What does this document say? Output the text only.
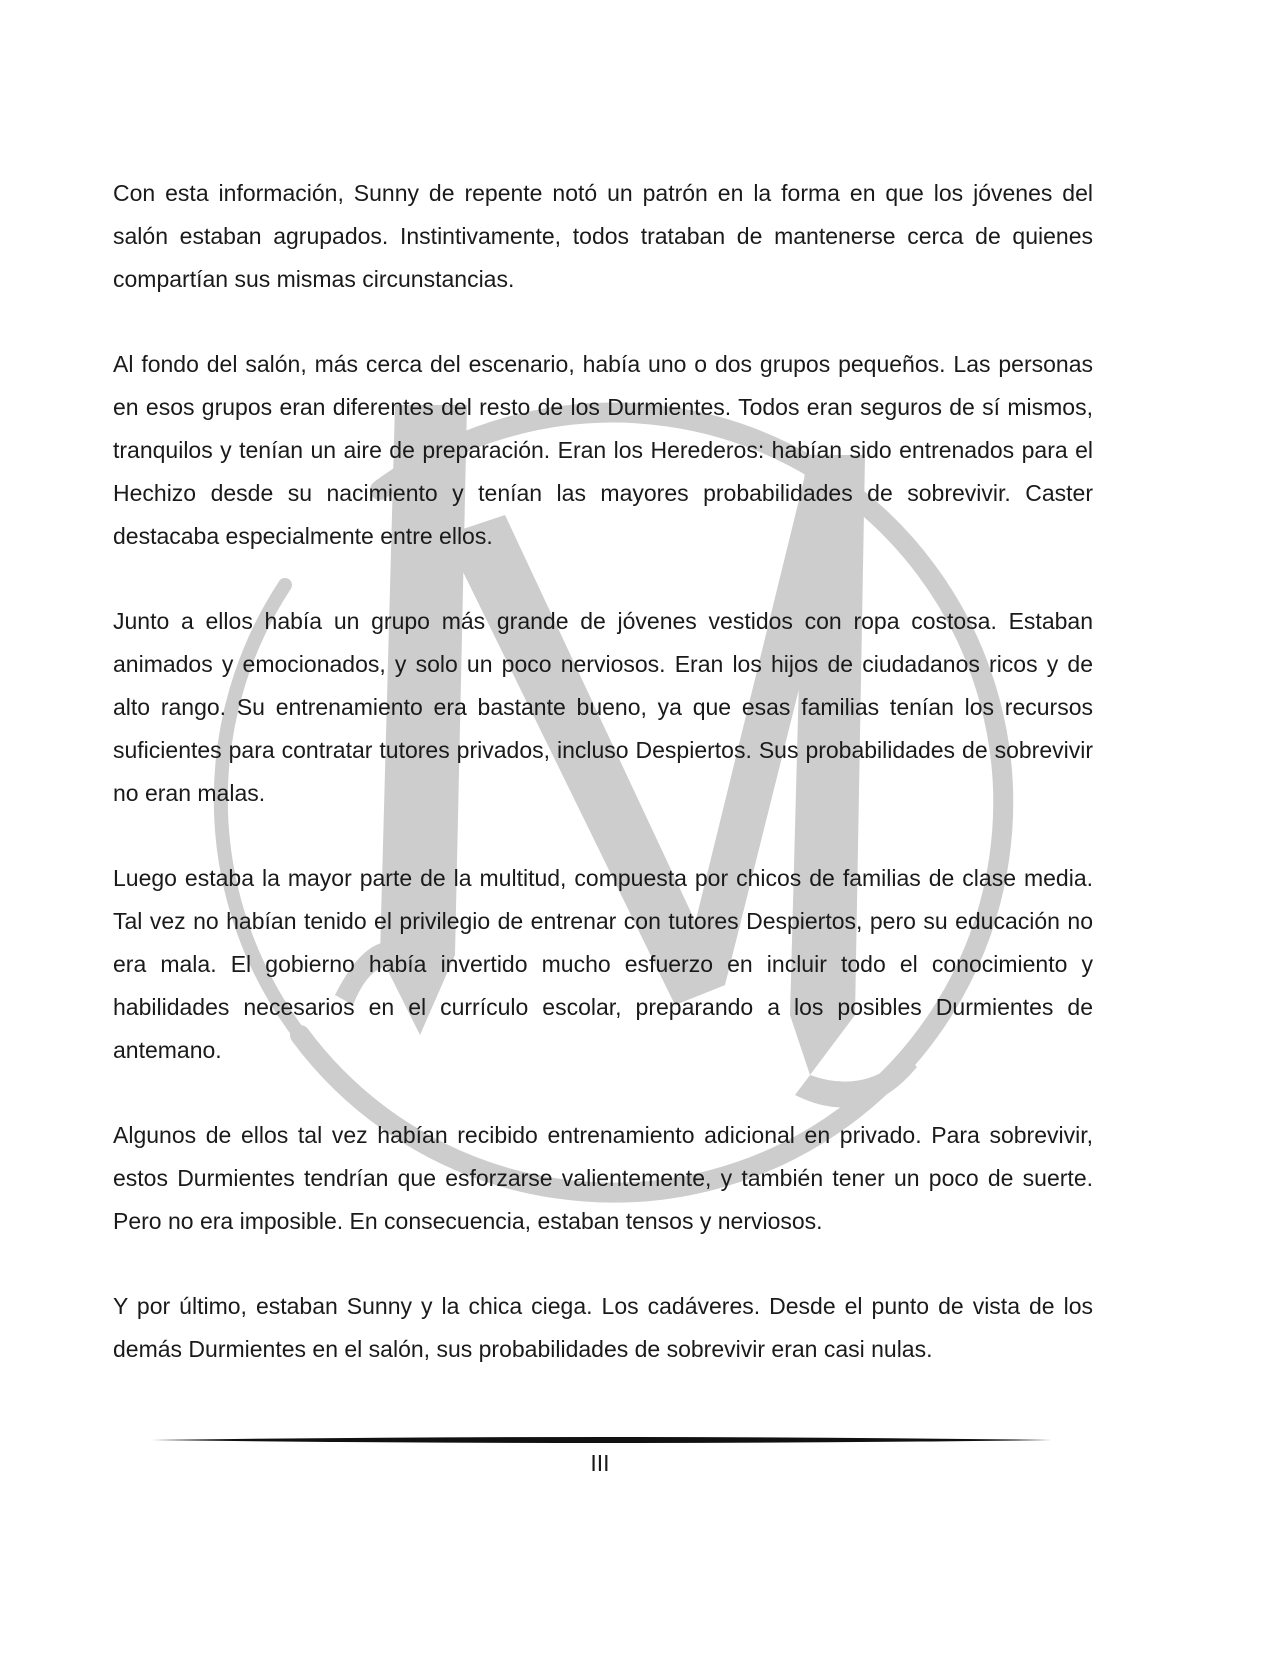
Con esta información, Sunny de repente notó un patrón en la forma en que los jóvenes del salón estaban agrupados. Instintivamente, todos trataban de mantenerse cerca de quienes compartían sus mismas circunstancias.

Al fondo del salón, más cerca del escenario, había uno o dos grupos pequeños. Las personas en esos grupos eran diferentes del resto de los Durmientes. Todos eran seguros de sí mismos, tranquilos y tenían un aire de preparación. Eran los Herederos: habían sido entrenados para el Hechizo desde su nacimiento y tenían las mayores probabilidades de sobrevivir. Caster destacaba especialmente entre ellos.

Junto a ellos había un grupo más grande de jóvenes vestidos con ropa costosa. Estaban animados y emocionados, y solo un poco nerviosos. Eran los hijos de ciudadanos ricos y de alto rango. Su entrenamiento era bastante bueno, ya que esas familias tenían los recursos suficientes para contratar tutores privados, incluso Despiertos. Sus probabilidades de sobrevivir no eran malas.

Luego estaba la mayor parte de la multitud, compuesta por chicos de familias de clase media. Tal vez no habían tenido el privilegio de entrenar con tutores Despiertos, pero su educación no era mala. El gobierno había invertido mucho esfuerzo en incluir todo el conocimiento y habilidades necesarios en el currículo escolar, preparando a los posibles Durmientes de antemano.

Algunos de ellos tal vez habían recibido entrenamiento adicional en privado. Para sobrevivir, estos Durmientes tendrían que esforzarse valientemente, y también tener un poco de suerte. Pero no era imposible. En consecuencia, estaban tensos y nerviosos.

Y por último, estaban Sunny y la chica ciega. Los cadáveres. Desde el punto de vista de los demás Durmientes en el salón, sus probabilidades de sobrevivir eran casi nulas.

III
